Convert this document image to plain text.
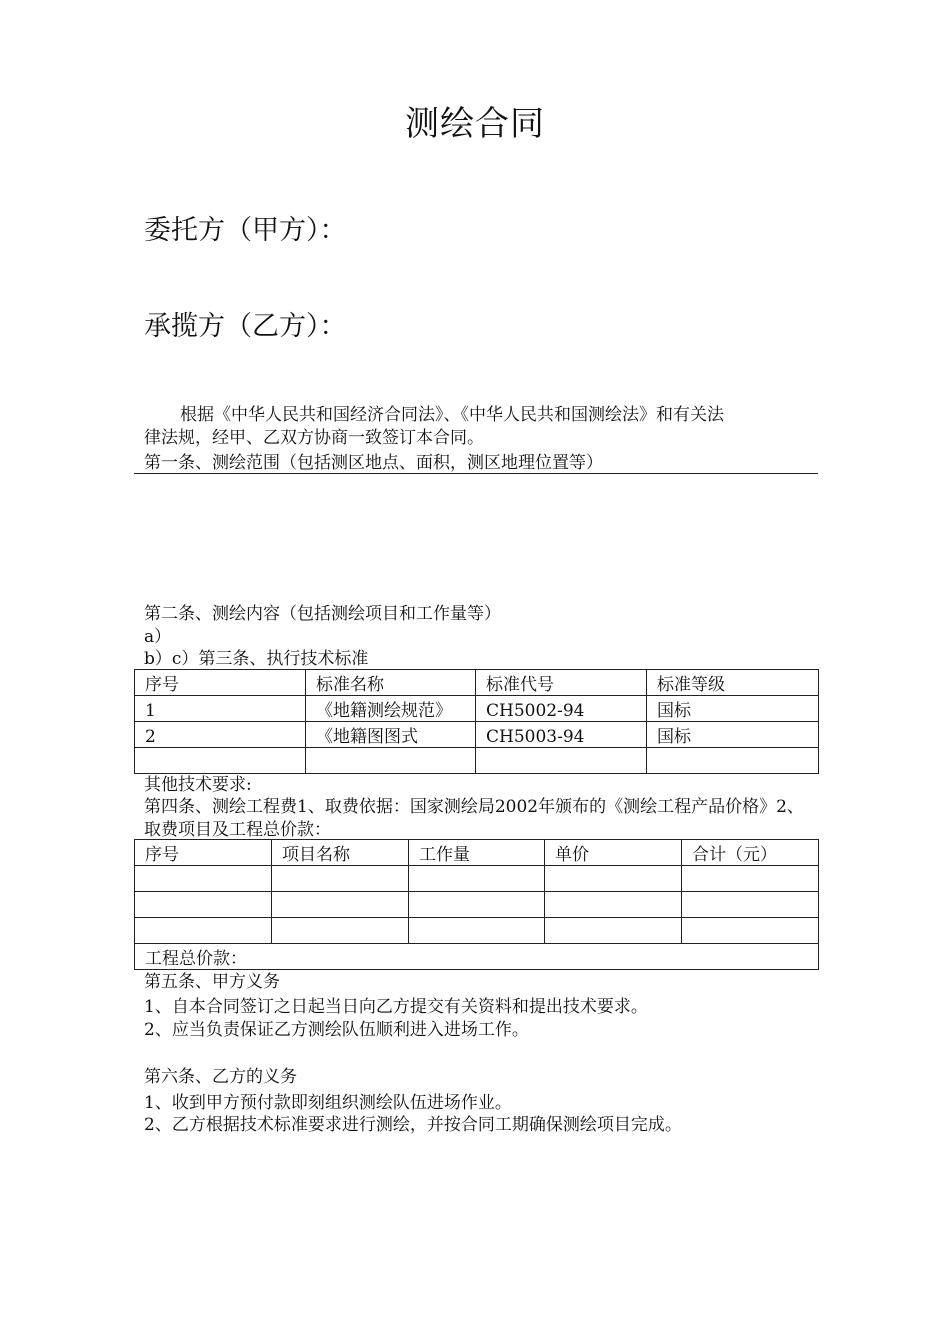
测绘合同
委托方（甲方）：
承揽方（乙方）：
根据《中华人民共和国经济合同法》、《中华人民共和国测绘法》和有关法
律法规，经甲、乙双方协商一致签订本合同。
第一条、测绘范围（包括测区地点、面积，测区地理位置等）
第二条、测绘内容（包括测绘项目和工作量等）
a）
b）c）第三条、执行技术标准
序号	标准名称	标准代号	标准等级
1	《地籍测绘规范》	CH5002-94	国标
2	《地籍图图式	CH5003-94	国标

其他技术要求:
第四条、测绘工程费1、取费依据：国家测绘局2002年颁布的《测绘工程产品价格》2、取费项目及工程总价款：
序号	项目名称	工作量	单价	合计（元）

工程总价款：				
第五条、甲方义务
1、自本合同签订之日起当日向乙方提交有关资料和提出技术要求。
2、应当负责保证乙方测绘队伍顺利进入进场工作。
第六条、乙方的义务
1、收到甲方预付款即刻组织测绘队伍进场作业。
2、乙方根据技术标准要求进行测绘，并按合同工期确保测绘项目完成。
